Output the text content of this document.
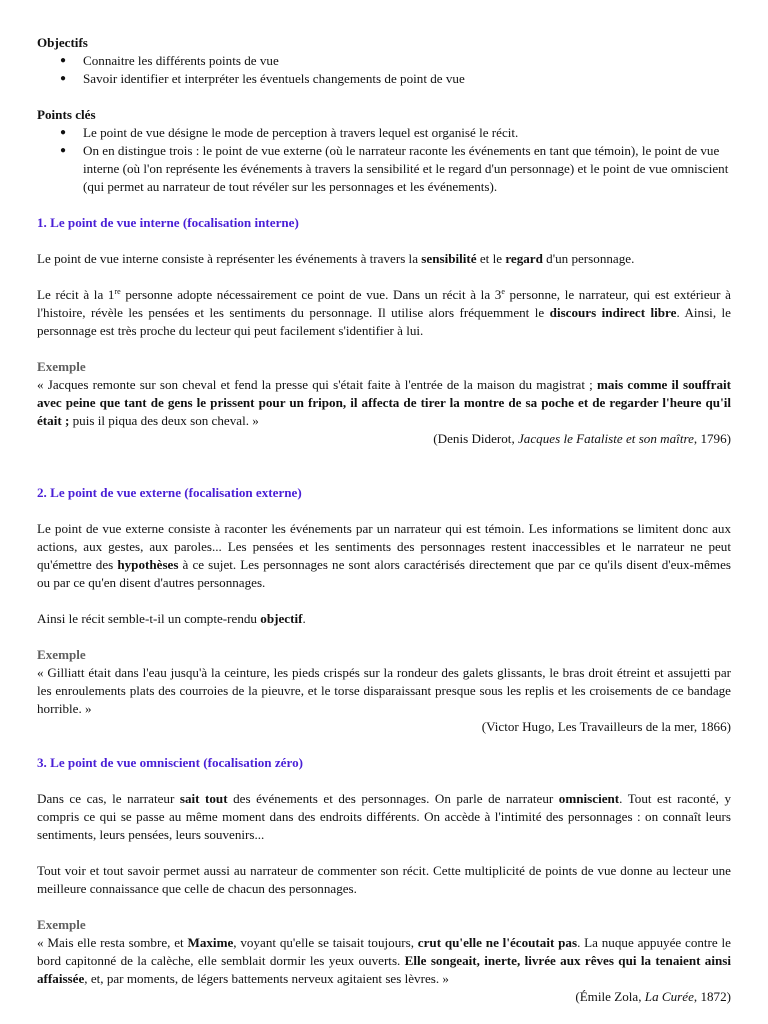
Objectifs

● Connaitre les différents points de vue
● Savoir identifier et interpréter les éventuels changements de point de vue

Points clés

● Le point de vue désigne le mode de perception à travers lequel est organisé le récit.
● On en distingue trois : le point de vue externe (où le narrateur raconte les événements en tant que témoin), le point de vue interne (où l'on représente les événements à travers la sensibilité et le regard d'un personnage) et le point de vue omniscient (qui permet au narrateur de tout révéler sur les personnages et les événements).

1. Le point de vue interne (focalisation interne)

Le point de vue interne consiste à représenter les événements à travers la sensibilité et le regard d'un personnage.

Le récit à la 1re personne adopte nécessairement ce point de vue. Dans un récit à la 3e personne, le narrateur, qui est extérieur à l'histoire, révèle les pensées et les sentiments du personnage. Il utilise alors fréquemment le discours indirect libre. Ainsi, le personnage est très proche du lecteur qui peut facilement s'identifier à lui.

Exemple

« Jacques remonte sur son cheval et fend la presse qui s'était faite à l'entrée de la maison du magistrat ; mais comme il souffrait avec peine que tant de gens le prissent pour un fripon, il affecta de tirer la montre de sa poche et de regarder l'heure qu'il était ; puis il piqua des deux son cheval. »

(Denis Diderot, Jacques le Fataliste et son maître, 1796)

2. Le point de vue externe (focalisation externe)

Le point de vue externe consiste à raconter les événements par un narrateur qui est témoin. Les informations se limitent donc aux actions, aux gestes, aux paroles... Les pensées et les sentiments des personnages restent inaccessibles et le narrateur ne peut qu'émettre des hypothèses à ce sujet. Les personnages ne sont alors caractérisés directement que par ce qu'ils disent d'eux-mêmes ou par ce qu'en disent d'autres personnages.

Ainsi le récit semble-t-il un compte-rendu objectif.

Exemple

« Gilliatt était dans l'eau jusqu'à la ceinture, les pieds crispés sur la rondeur des galets glissants, le bras droit étreint et assujetti par les enroulements plats des courroies de la pieuvre, et le torse disparaissant presque sous les replis et les croisements de ce bandage horrible. »

(Victor Hugo, Les Travailleurs de la mer, 1866)

3. Le point de vue omniscient (focalisation zéro)

Dans ce cas, le narrateur sait tout des événements et des personnages. On parle de narrateur omniscient. Tout est raconté, y compris ce qui se passe au même moment dans des endroits différents. On accède à l'intimité des personnages : on connaît leurs sentiments, leurs pensées, leurs souvenirs...

Tout voir et tout savoir permet aussi au narrateur de commenter son récit. Cette multiplicité de points de vue donne au lecteur une meilleure connaissance que celle de chacun des personnages.

Exemple

« Mais elle resta sombre, et Maxime, voyant qu'elle se taisait toujours, crut qu'elle ne l'écoutait pas. La nuque appuyée contre le bord capitonné de la calèche, elle semblait dormir les yeux ouverts. Elle songeait, inerte, livrée aux rêves qui la tenaient ainsi affaissée, et, par moments, de légers battements nerveux agitaient ses lèvres. »

(Émile Zola, La Curée, 1872)
